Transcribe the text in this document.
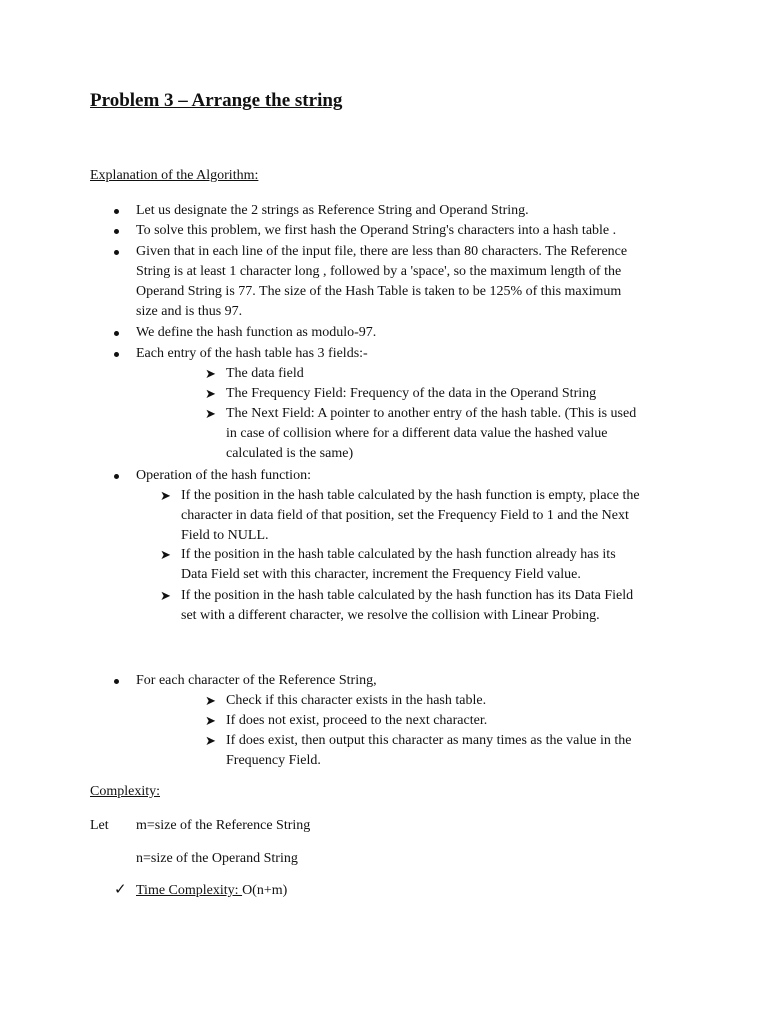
Problem 3 – Arrange the string
Explanation of the Algorithm:
Let us designate the 2 strings as Reference String and Operand String.
To solve this problem, we first hash the Operand String's characters into a hash table .
Given that in each line of the input file, there are less than 80 characters. The Reference
String is at least 1 character long , followed by a 'space', so the maximum length of the
Operand String is 77. The size of the Hash Table is taken to be 125% of this maximum
size and is thus 97.
We define the hash function as modulo-97.
Each entry of the hash table has 3 fields:-
➤ The data field
➤ The Frequency Field: Frequency of the data in the Operand String
➤ The Next Field: A pointer to another entry of the hash table. (This is used
in case of collision where for a different data value the hashed value
calculated is the same)
Operation of the hash function:
➤ If the position in the hash table calculated by the hash function is empty, place the
character in data field of that position, set the Frequency Field to 1 and the Next
Field to NULL.
➤ If the position in the hash table calculated by the hash function already has its
Data Field set with this character, increment the Frequency Field value.
➤ If the position in the hash table calculated by the hash function has its Data Field
set with a different character, we resolve the collision with Linear Probing.
For each character of the Reference String,
➤ Check if this character exists in the hash table.
➤ If does not exist, proceed to the next character.
➤ If does exist, then output this character as many times as the value in the
Frequency Field.
Complexity:
Let m=size of the Reference String
n=size of the Operand String
✓ Time Complexity: O(n+m)
